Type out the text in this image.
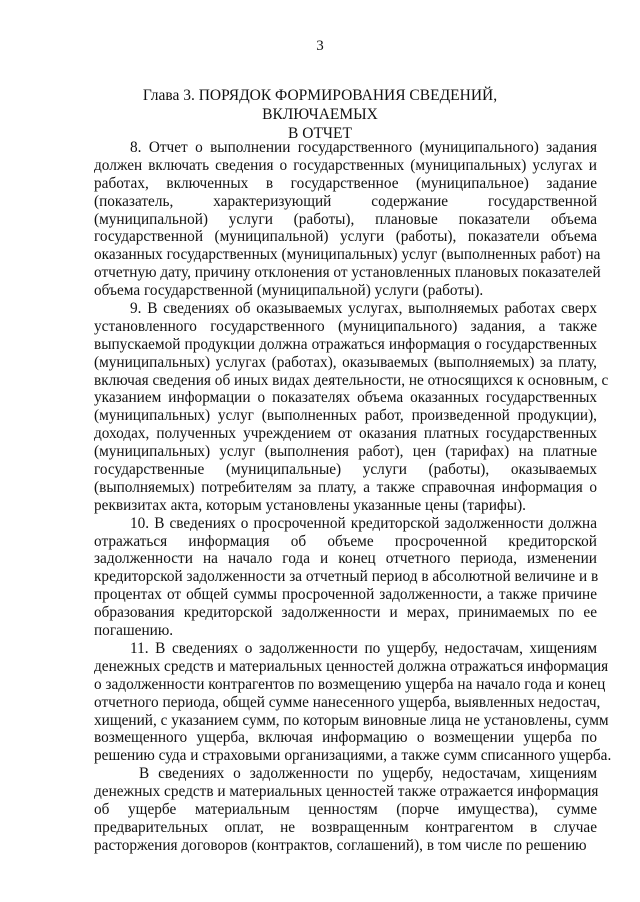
3
Глава 3. ПОРЯДОК ФОРМИРОВАНИЯ СВЕДЕНИЙ, ВКЛЮЧАЕМЫХ
В ОТЧЕТ
8. Отчет о выполнении государственного (муниципального) задания
должен включать сведения о государственных (муниципальных) услугах и
работах, включенных в государственное (муниципальное) задание
(показатель, характеризующий содержание государственной
(муниципальной) услуги (работы), плановые показатели объема
государственной (муниципальной) услуги (работы), показатели объема
оказанных государственных (муниципальных) услуг (выполненных работ) на
отчетную дату, причину отклонения от установленных плановых показателей
объема государственной (муниципальной) услуги (работы).
9. В сведениях об оказываемых услугах, выполняемых работах сверх
установленного государственного (муниципального) задания, а также
выпускаемой продукции должна отражаться информация о государственных
(муниципальных) услугах (работах), оказываемых (выполняемых) за плату,
включая сведения об иных видах деятельности, не относящихся к основным, с
указанием информации о показателях объема оказанных государственных
(муниципальных) услуг (выполненных работ, произведенной продукции),
доходах, полученных учреждением от оказания платных государственных
(муниципальных) услуг (выполнения работ), цен (тарифах) на платные
государственные (муниципальные) услуги (работы), оказываемых
(выполняемых) потребителям за плату, а также справочная информация о
реквизитах акта, которым установлены указанные цены (тарифы).
10. В сведениях о просроченной кредиторской задолженности должна
отражаться информация об объеме просроченной кредиторской
задолженности на начало года и конец отчетного периода, изменении
кредиторской задолженности за отчетный период в абсолютной величине и в
процентах от общей суммы просроченной задолженности, а также причине
образования кредиторской задолженности и мерах, принимаемых по ее
погашению.
11. В сведениях о задолженности по ущербу, недостачам, хищениям
денежных средств и материальных ценностей должна отражаться информация
о задолженности контрагентов по возмещению ущерба на начало года и конец
отчетного периода, общей сумме нанесенного ущерба, выявленных недостач,
хищений, с указанием сумм, по которым виновные лица не установлены, сумм
возмещенного ущерба, включая информацию о возмещении ущерба по
решению суда и страховыми организациями, а также сумм списанного ущерба.
В сведениях о задолженности по ущербу, недостачам, хищениям
денежных средств и материальных ценностей также отражается информация
об ущербе материальным ценностям (порче имущества), сумме
предварительных оплат, не возвращенным контрагентом в случае
расторжения договоров (контрактов, соглашений), в том числе по решению
